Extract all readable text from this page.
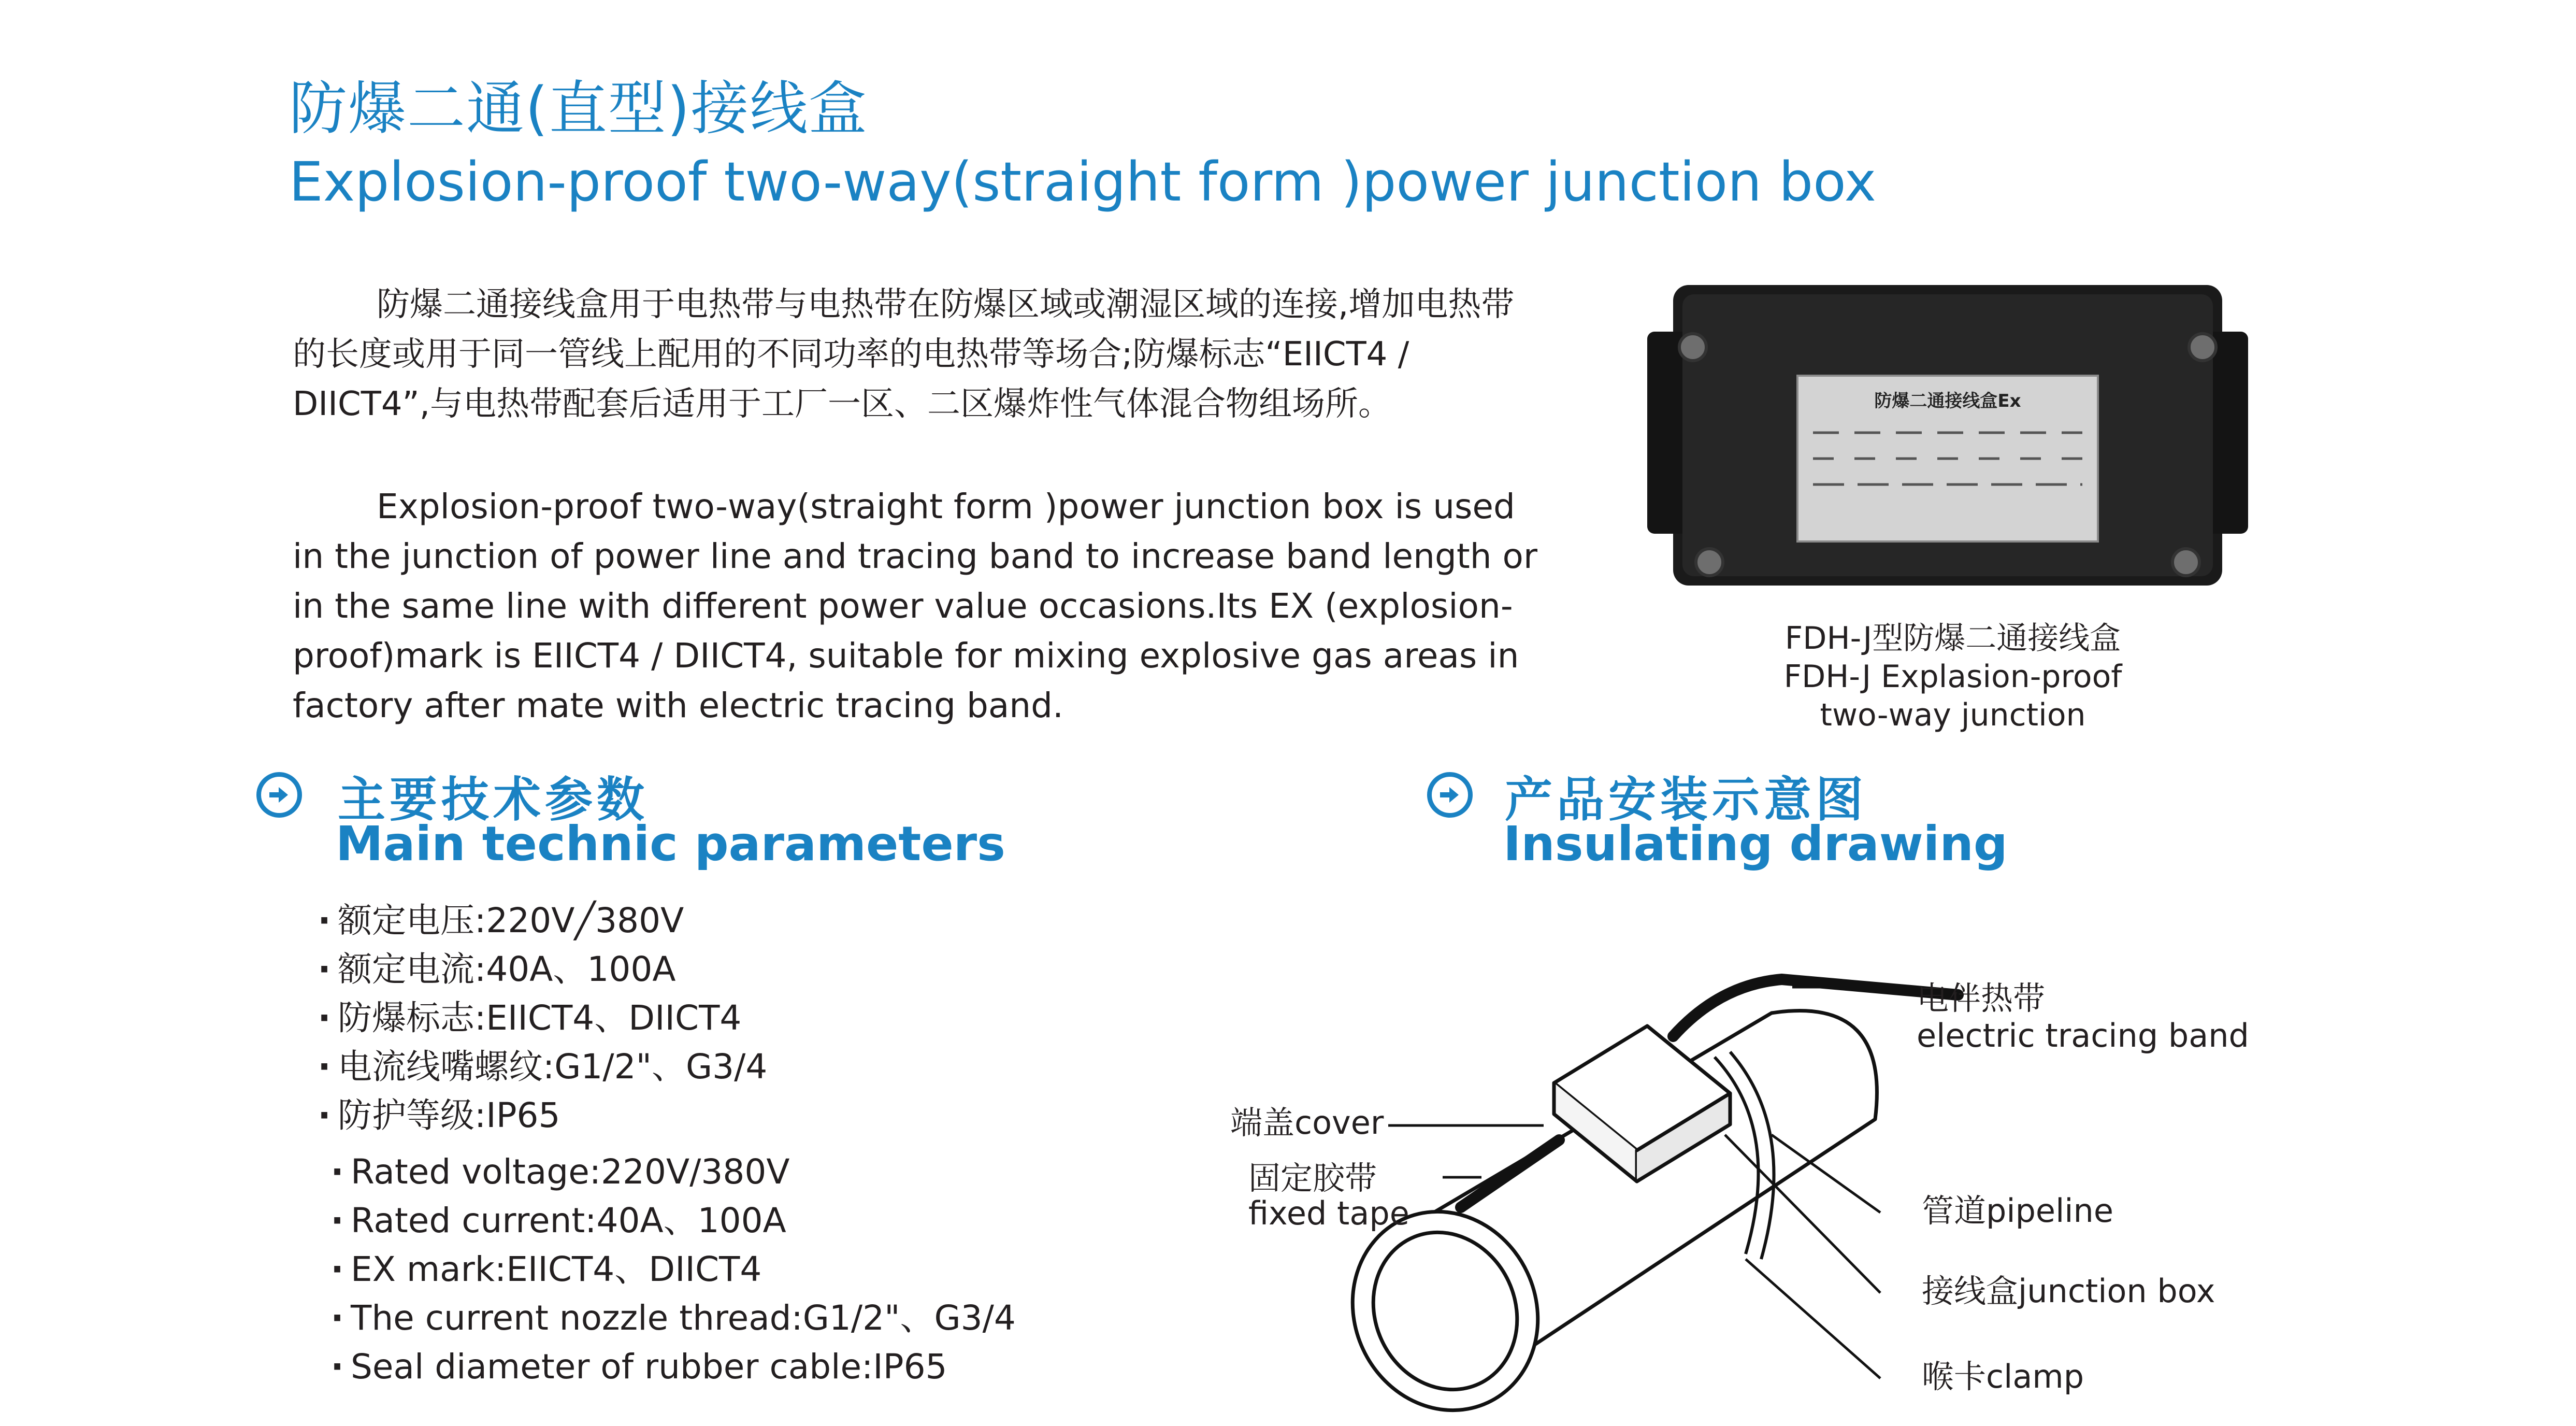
防爆二通(直型)接线盒
Explosion-proof two-way(straight form )power junction box

防爆二通接线盒用于电热带与电热带在防爆区域或潮湿区域的连接,增加电热带的长度或用于同一管线上配用的不同功率的电热带等场合;防爆标志“EIICT4 / DIICT4”,与电热带配套后适用于工厂一区、二区爆炸性气体混合物组场所。

Explosion-proof two-way(straight form )power junction box is used in the junction of power line and tracing band to increase band length or in the same line with different power value occasions.Its EX (explosion-proof)mark is EIICT4 / DIICT4, suitable for mixing explosive gas areas in factory after mate with electric tracing band.

防爆二通接线盒Ex
FDH-J型防爆二通接线盒
FDH-J Explasion-proof
two-way junction
主要技术参数
Main technic parameters
· 额定电压:220V╱380V
· 额定电流:40A、100A
· 防爆标志:EIICT4、DIICT4
· 电流线嘴螺纹:G1/2"、G3/4
· 防护等级:IP65
· Rated voltage:220V/380V
· Rated current:40A、100A
· EX mark:EIICT4、DIICT4
· The current nozzle thread:G1/2"、G3/4
· Seal diameter of rubber cable:IP65
产品安装示意图
Insulating drawing
电伴热带
electric tracing band
端盖cover
固定胶带
fixed tape	管道pipeline
接线盒junction box
喉卡clamp
